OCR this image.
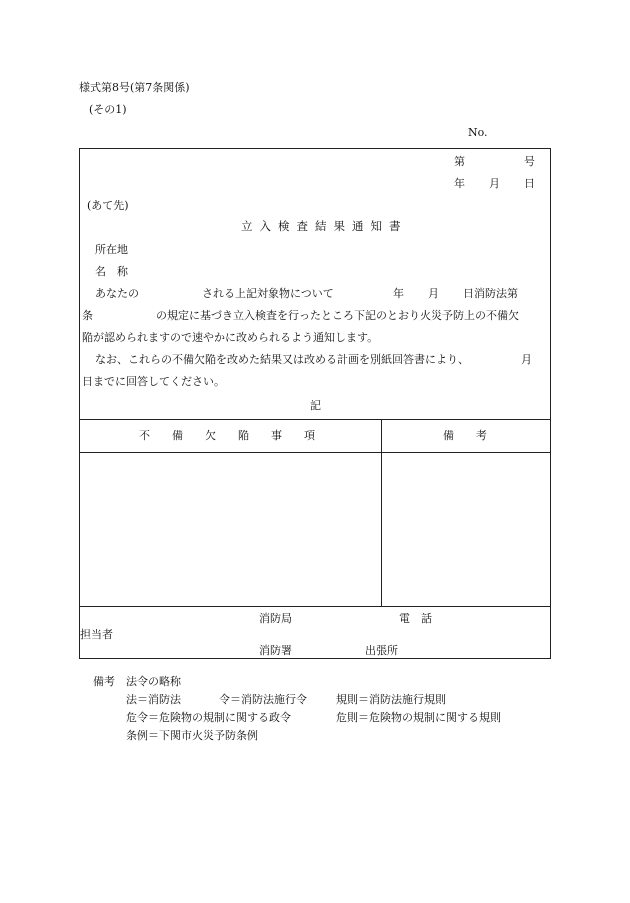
様式第8号(第7条関係)
(その1)
No.
第	号
年 月 日
(あて先)
立入検査結果通知書
所在地
名　称
あなたの	される上記対象物について	年 月 日消防法第
条	の規定に基づき立入検査を行ったところ下記のとおり火災予防上の不備欠
陥が認められますので速やかに改められるよう通知します。
なお、これらの不備欠陥を改めた結果又は改める計画を別紙回答書により、	月
日までに回答してください。
記
不　　備　　欠　　陥　　事　　項	備　　考
消防局	電　話
担当者
消防署	出張所
備考 法令の略称
法＝消防法	令＝消防法施行令	規則＝消防法施行規則
危令＝危険物の規制に関する政令	危則＝危険物の規制に関する規則
条例＝下関市火災予防条例
